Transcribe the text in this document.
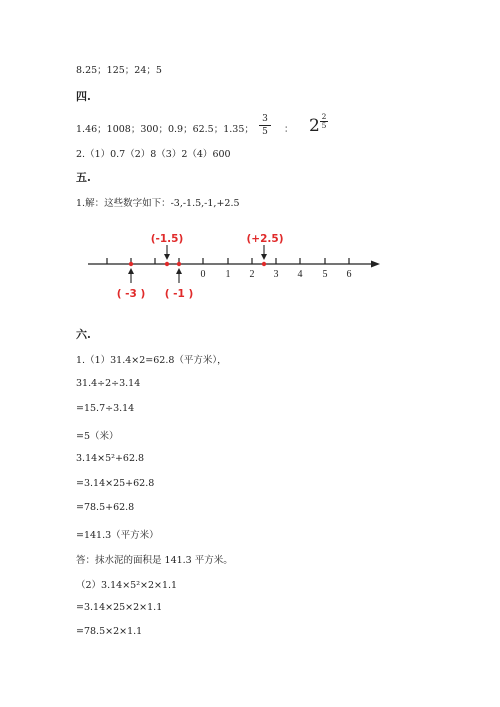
8.25；125；24；5
四.
1.46；1008；300；0.9；62.5；1.35；
3
5	： 2 2
5
2.（1）0.7（2）8（3）2（4）600
五.
1.解：这些数字如下：-3,-1.5,-1,+2.5
0 1 2 3 4 5 6
(-1.5)	(+2.5)
( -3 ) ( -1 )
六.
1.（1）31.4×2=62.8（平方米），
31.4÷2÷3.14
=15.7÷3.14
=5（米）
3.14×5²+62.8
=3.14×25+62.8
=78.5+62.8
=141.3（平方米）
答：抹水泥的面积是 141.3 平方米。
（2）3.14×5²×2×1.1
=3.14×25×2×1.1
=78.5×2×1.1
